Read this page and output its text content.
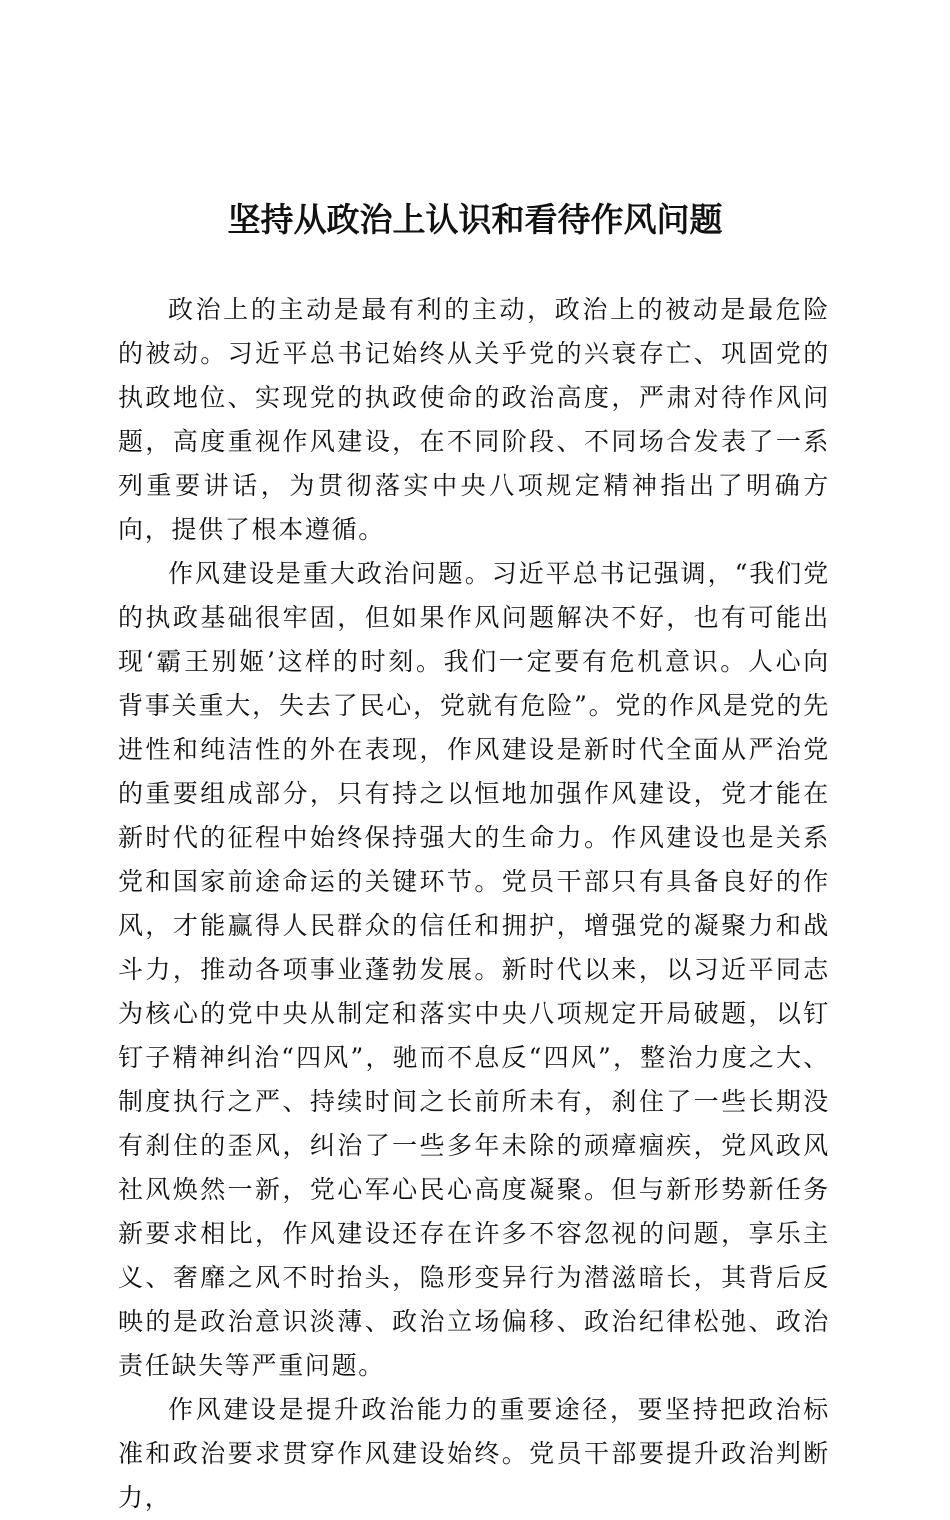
坚持从政治上认识和看待作风问题

政治上的主动是最有利的主动，政治上的被动是最危险的被动。习近平总书记始终从关乎党的兴衰存亡、巩固党的执政地位、实现党的执政使命的政治高度，严肃对待作风问题，高度重视作风建设，在不同阶段、不同场合发表了一系列重要讲话，为贯彻落实中央八项规定精神指出了明确方向，提供了根本遵循。

作风建设是重大政治问题。习近平总书记强调，“我们党的执政基础很牢固，但如果作风问题解决不好，也有可能出现‘霸王别姬’这样的时刻。我们一定要有危机意识。人心向背事关重大，失去了民心，党就有危险”。党的作风是党的先进性和纯洁性的外在表现，作风建设是新时代全面从严治党的重要组成部分，只有持之以恒地加强作风建设，党才能在新时代的征程中始终保持强大的生命力。作风建设也是关系党和国家前途命运的关键环节。党员干部只有具备良好的作风，才能赢得人民群众的信任和拥护，增强党的凝聚力和战斗力，推动各项事业蓬勃发展。新时代以来，以习近平同志为核心的党中央从制定和落实中央八项规定开局破题，以钉钉子精神纠治“四风”，驰而不息反“四风”，整治力度之大、制度执行之严、持续时间之长前所未有，刹住了一些长期没有刹住的歪风，纠治了一些多年未除的顽瘴痼疾，党风政风社风焕然一新，党心军心民心高度凝聚。但与新形势新任务新要求相比，作风建设还存在许多不容忽视的问题，享乐主义、奢靡之风不时抬头，隐形变异行为潜滋暗长，其背后反映的是政治意识淡薄、政治立场偏移、政治纪律松弛、政治责任缺失等严重问题。

作风建设是提升政治能力的重要途径，要坚持把政治标准和政治要求贯穿作风建设始终。党员干部要提升政治判断力，
